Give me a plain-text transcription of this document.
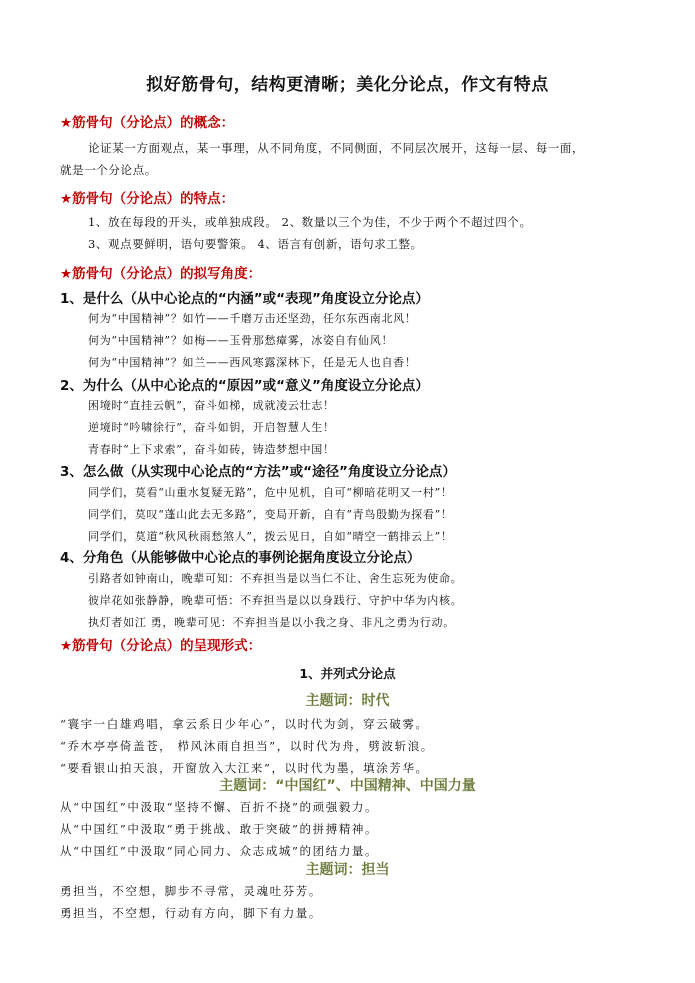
拟好筋骨句，结构更清晰；美化分论点，作文有特点
★筋骨句（分论点）的概念：
论证某一方面观点，某一事理，从不同角度，不同侧面，不同层次展开，这每一层、每一面，
就是一个分论点。
★筋骨句（分论点）的特点：
1、放在每段的开头，或单独成段。 2、数量以三个为佳，不少于两个不超过四个。
3、观点要鲜明，语句要警策。 4、语言有创新，语句求工整。
★筋骨句（分论点）的拟写角度：
1、是什么（从中心论点的“内涵”或“表现”角度设立分论点）
何为“中国精神”？如竹——千磨万击还坚劲，任尔东西南北风！
何为“中国精神”？如梅——玉骨那愁瘴雾，冰姿自有仙风！
何为“中国精神”？如兰——西风寒露深林下，任是无人也自香！
2、为什么（从中心论点的“原因”或“意义”角度设立分论点）
困境时“直挂云帆”，奋斗如梯，成就凌云壮志！
逆境时“吟啸徐行”，奋斗如钥，开启智慧人生！
青春时“上下求索”，奋斗如砖，铸造梦想中国！
3、怎么做（从实现中心论点的“方法”或“途径”角度设立分论点）
同学们，莫看“山重水复疑无路”，危中见机，自可“柳暗花明又一村”！
同学们，莫叹“蓬山此去无多路”，变局开新，自有“青鸟殷勤为探看”！
同学们，莫道“秋风秋雨愁煞人”，拨云见日，自如“晴空一鹤排云上”！
4、分角色（从能够做中心论点的事例论据角度设立分论点）
引路者如钟南山，晚辈可知：不弃担当是以当仁不让、舍生忘死为使命。
彼岸花如张静静，晚辈可悟：不弃担当是以以身践行、守护中华为内核。
执灯者如江 勇，晚辈可见：不弃担当是以小我之身、非凡之勇为行动。
★筋骨句（分论点）的呈现形式：
1、并列式分论点
主题词：时代
“寰宇一白雄鸡唱，拿云系日少年心”，以时代为剑，穿云破雾。
“乔木亭亭倚盖苍， 栉风沐雨自担当”，以时代为舟，劈波斩浪。
“要看银山拍天浪，开窗放入大江来”，以时代为墨，填涂芳华。
主题词：“中国红”、中国精神、中国力量
从“中国红”中汲取“坚持不懈、百折不挠”的顽强毅力。
从“中国红”中汲取“勇于挑战、敢于突破”的拼搏精神。
从“中国红”中汲取“同心同力、众志成城”的团结力量。
主题词：担当
勇担当，不空想，脚步不寻常，灵魂吐芬芳。
勇担当，不空想，行动有方向，脚下有力量。
